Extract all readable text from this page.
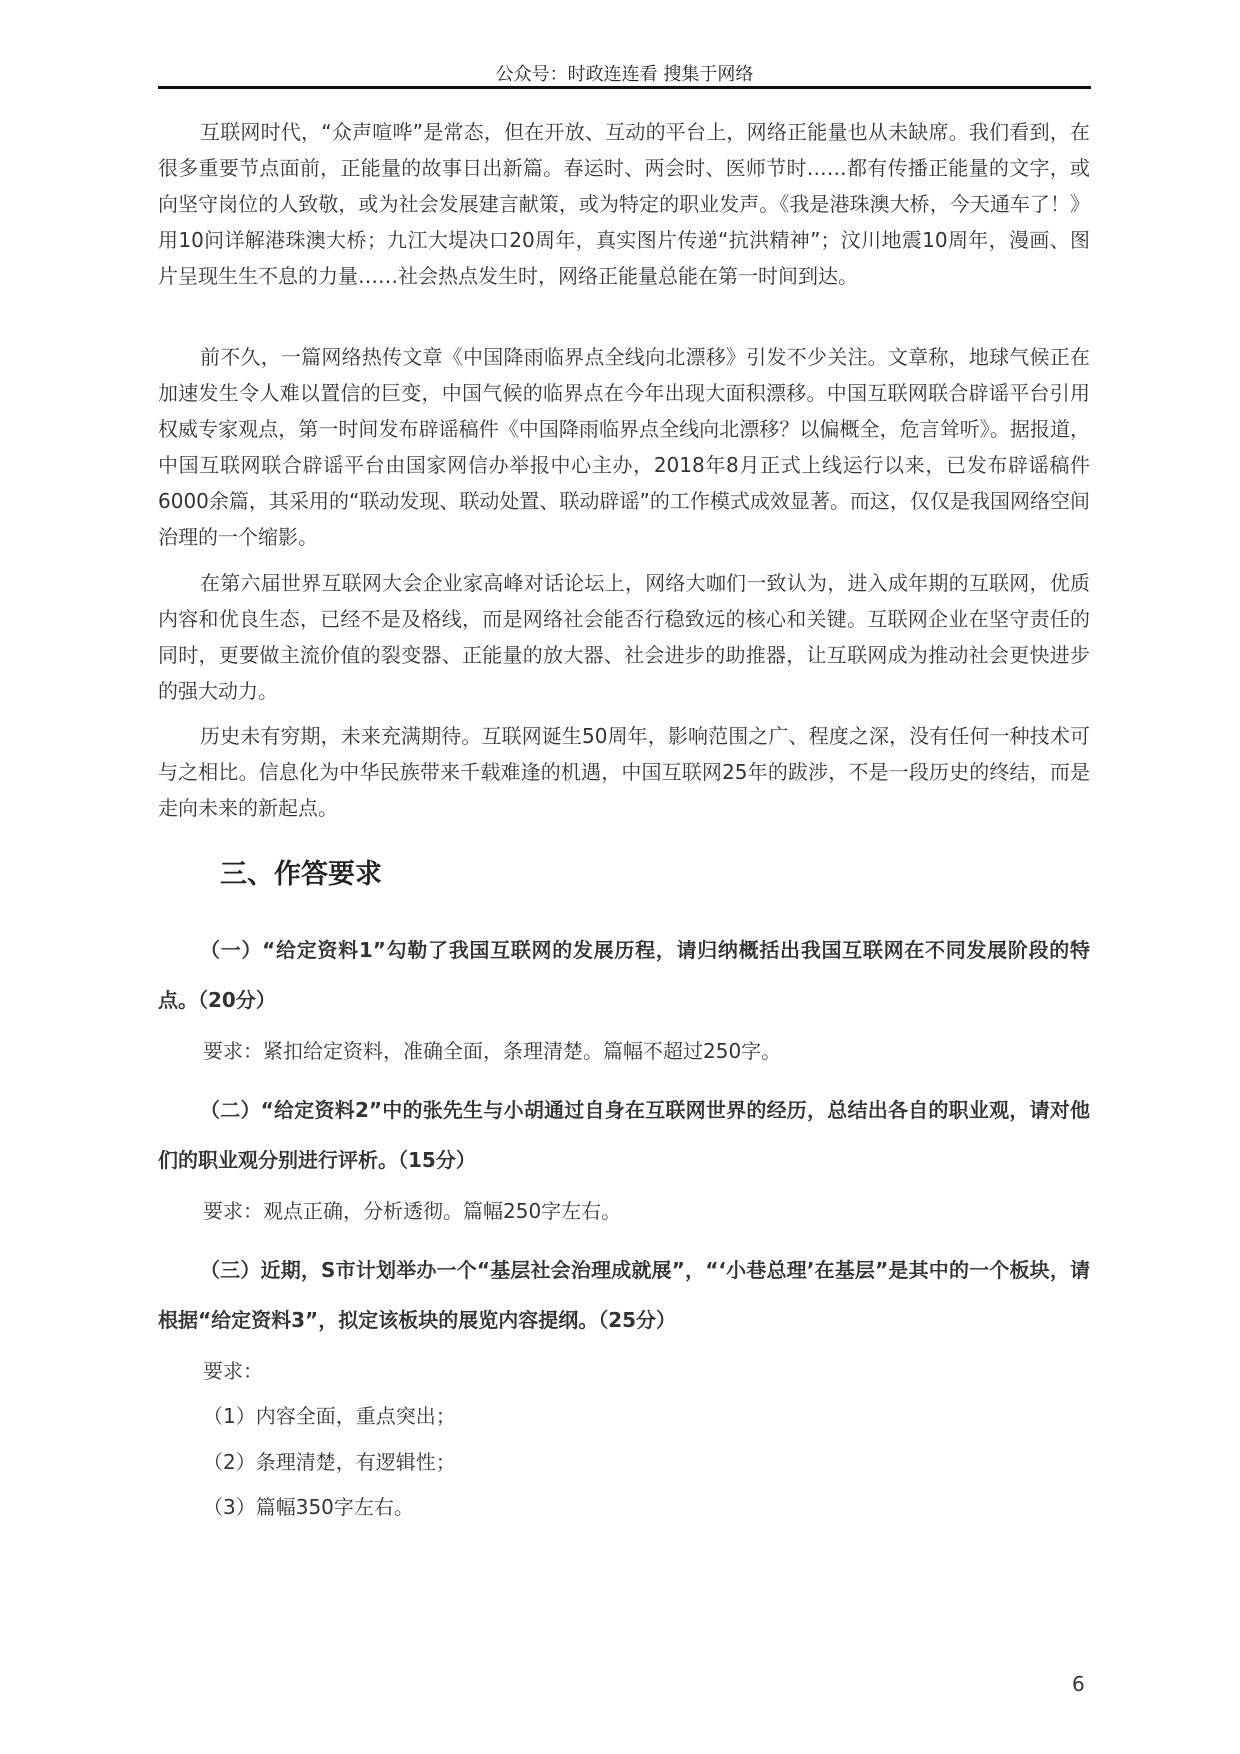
公众号：时政连连看 搜集于网络

互联网时代，“众声喧哗”是常态，但在开放、互动的平台上，网络正能量也从未缺席。我们看到，在很多重要节点面前，正能量的故事日出新篇。春运时、两会时、医师节时……都有传播正能量的文字，或向坚守岗位的人致敬，或为社会发展建言献策，或为特定的职业发声。《我是港珠澳大桥，今天通车了！》用10问详解港珠澳大桥；九江大堤决口20周年，真实图片传递“抗洪精神”；汶川地震10周年，漫画、图片呈现生生不息的力量……社会热点发生时，网络正能量总能在第一时间到达。

前不久，一篇网络热传文章《中国降雨临界点全线向北漂移》引发不少关注。文章称，地球气候正在加速发生令人难以置信的巨变，中国气候的临界点在今年出现大面积漂移。中国互联网联合辟谣平台引用权威专家观点，第一时间发布辟谣稿件《中国降雨临界点全线向北漂移？以偏概全，危言耸听》。据报道，中国互联网联合辟谣平台由国家网信办举报中心主办，2018年8月正式上线运行以来，已发布辟谣稿件6000余篇，其采用的“联动发现、联动处置、联动辟谣”的工作模式成效显著。而这，仅仅是我国网络空间治理的一个缩影。

在第六届世界互联网大会企业家高峰对话论坛上，网络大咖们一致认为，进入成年期的互联网，优质内容和优良生态，已经不是及格线，而是网络社会能否行稳致远的核心和关键。互联网企业在坚守责任的同时，更要做主流价值的裂变器、正能量的放大器、社会进步的助推器，让互联网成为推动社会更快进步的强大动力。

历史未有穷期，未来充满期待。互联网诞生50周年，影响范围之广、程度之深，没有任何一种技术可与之相比。信息化为中华民族带来千载难逢的机遇，中国互联网25年的跋涉，不是一段历史的终结，而是走向未来的新起点。

三、作答要求

（一）“给定资料1”勾勒了我国互联网的发展历程，请归纳概括出我国互联网在不同发展阶段的特点。（20分）

要求：紧扣给定资料，准确全面，条理清楚。篇幅不超过250字。

（二）“给定资料2”中的张先生与小胡通过自身在互联网世界的经历，总结出各自的职业观，请对他们的职业观分别进行评析。（15分）

要求：观点正确，分析透彻。篇幅250字左右。

（三）近期，S市计划举办一个“基层社会治理成就展”，“‘小巷总理’在基层”是其中的一个板块，请根据“给定资料3”，拟定该板块的展览内容提纲。（25分）

要求：

（1）内容全面，重点突出；

（2）条理清楚，有逻辑性；

（3）篇幅350字左右。

6
